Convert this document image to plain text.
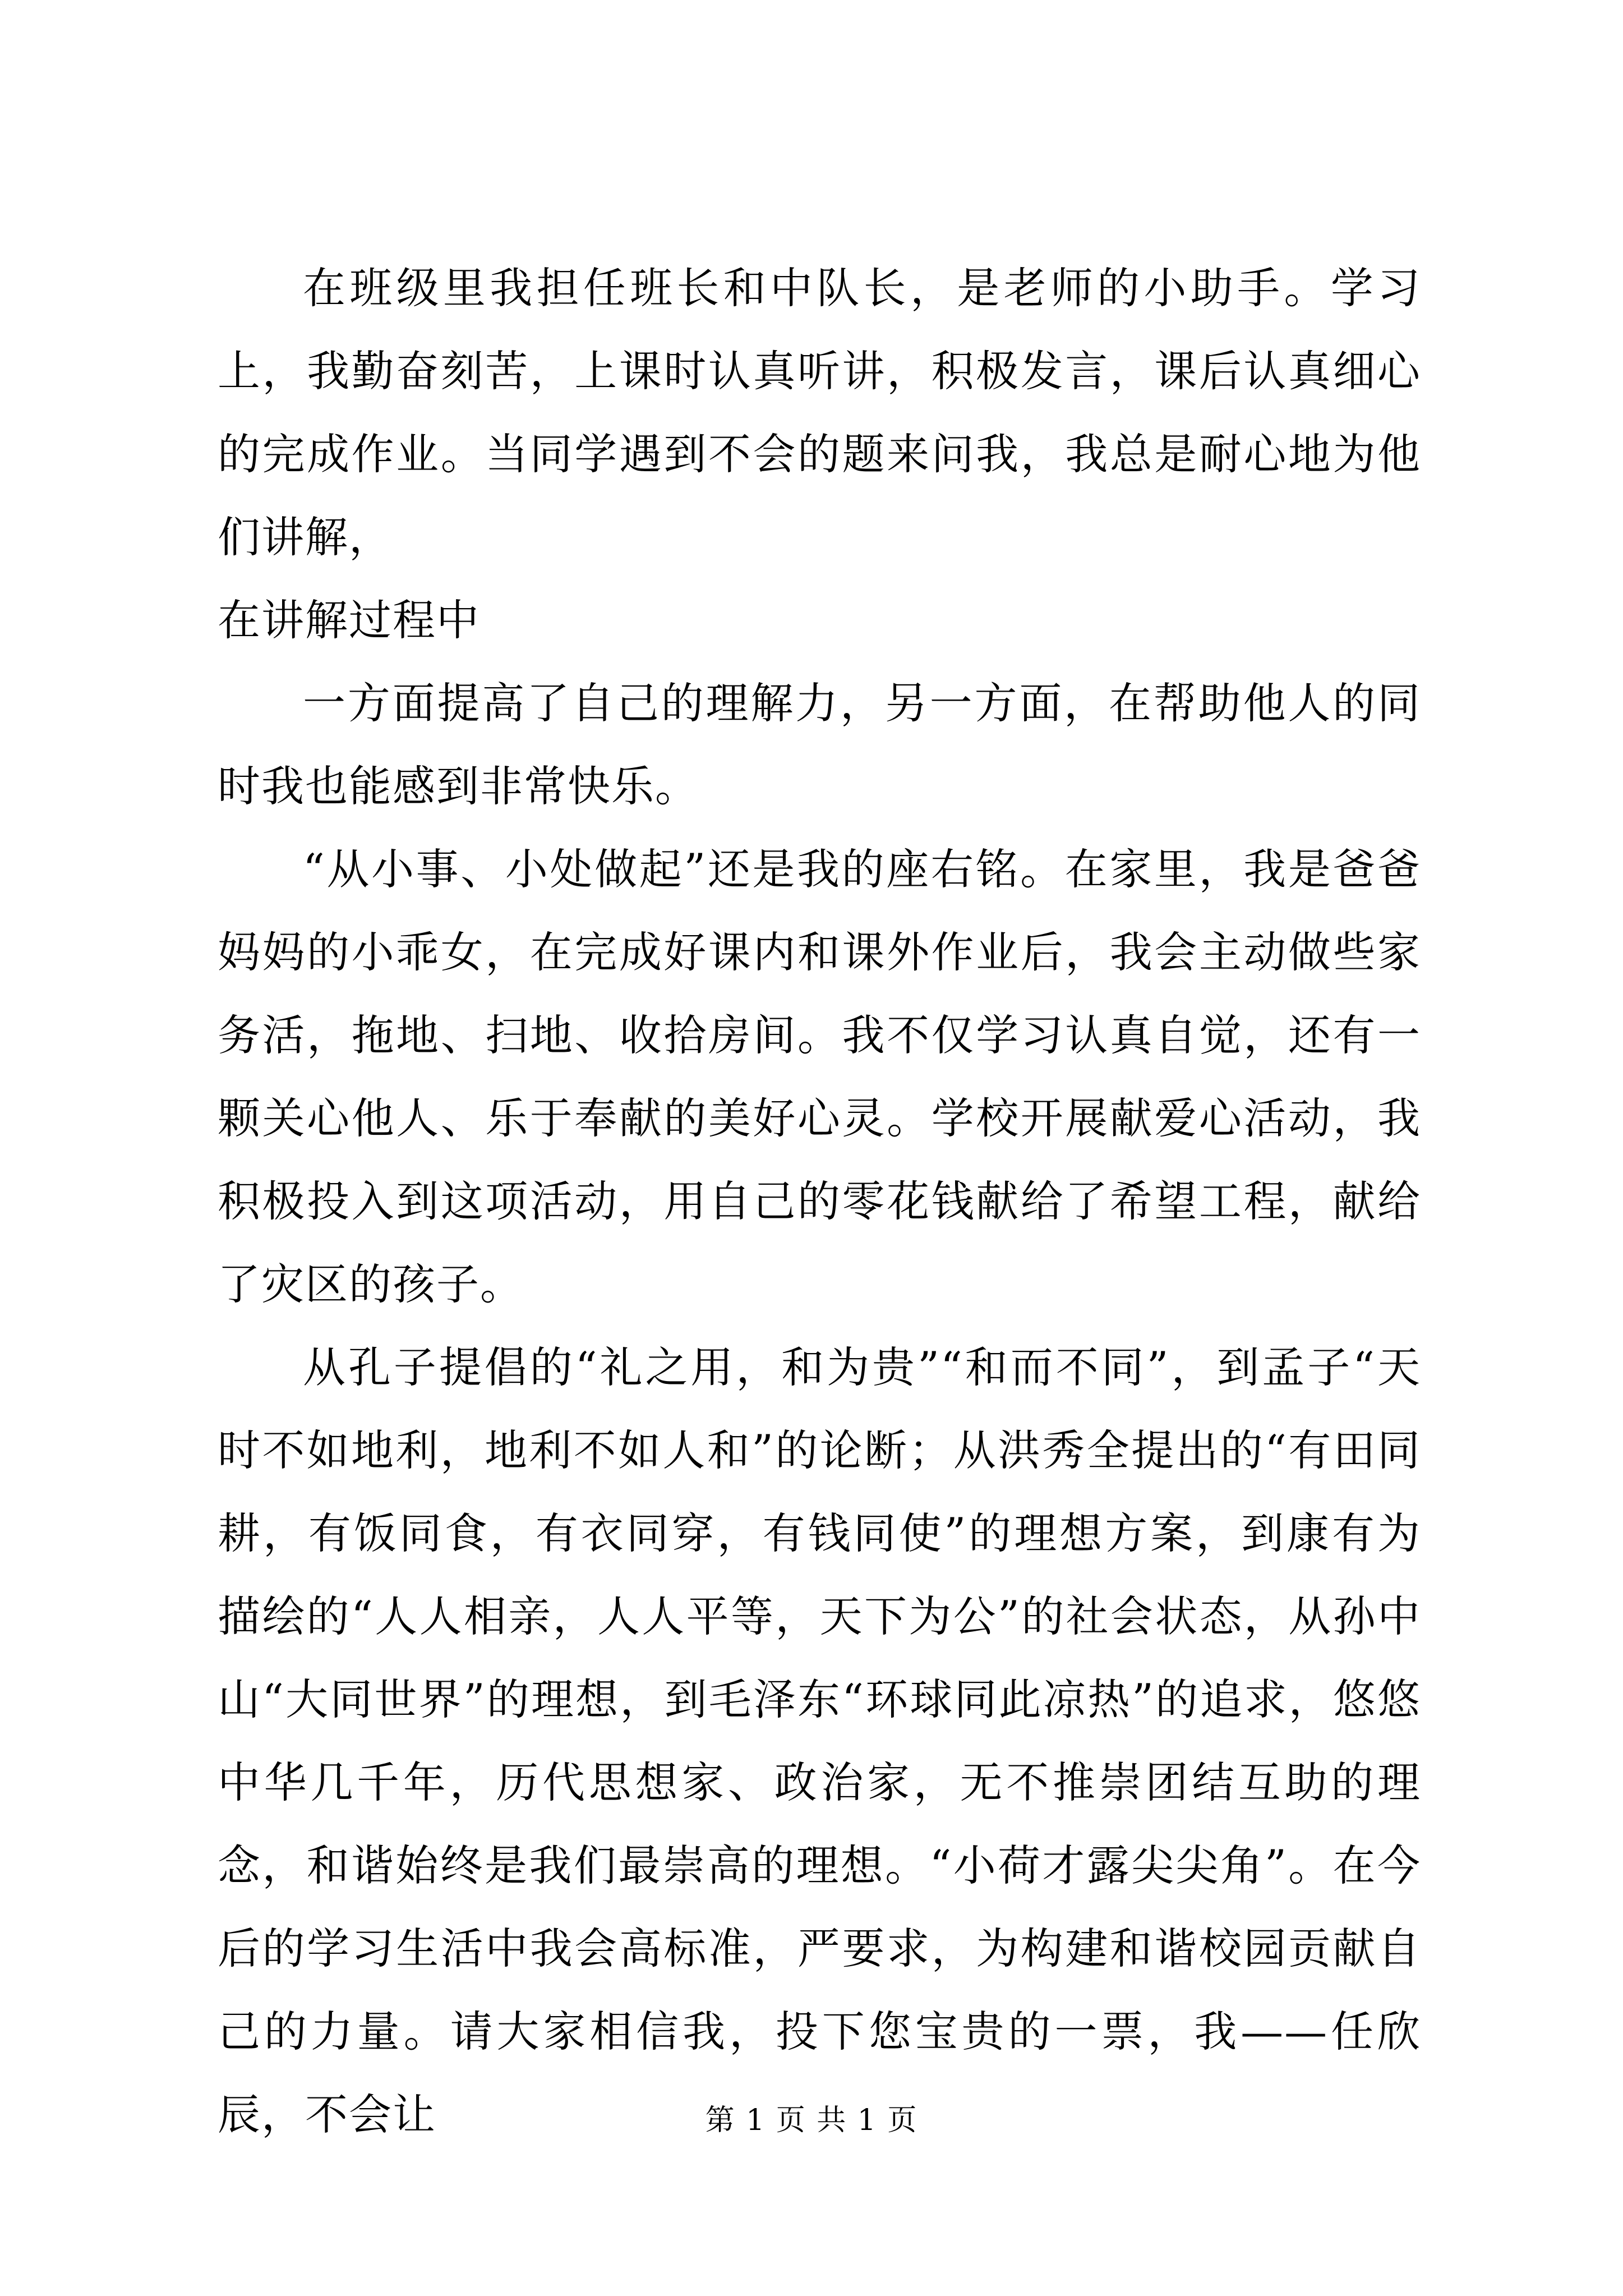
在班级里我担任班长和中队长，是老师的小助手。学习上，我勤奋刻苦，上课时认真听讲，积极发言，课后认真细心的完成作业。当同学遇到不会的题来问我，我总是耐心地为他们讲解，

在讲解过程中

一方面提高了自己的理解力，另一方面，在帮助他人的同时我也能感到非常快乐。

“从小事、小处做起”还是我的座右铭。在家里，我是爸爸妈妈的小乖女，在完成好课内和课外作业后，我会主动做些家务活，拖地、扫地、收拾房间。我不仅学习认真自觉，还有一颗关心他人、乐于奉献的美好心灵。学校开展献爱心活动，我积极投入到这项活动，用自己的零花钱献给了希望工程，献给了灾区的孩子。

从孔子提倡的“礼之用，和为贵”“和而不同”，到孟子“天时不如地利，地利不如人和”的论断；从洪秀全提出的“有田同耕，有饭同食，有衣同穿，有钱同使”的理想方案，到康有为描绘的“人人相亲，人人平等，天下为公”的社会状态，从孙中山“大同世界”的理想，到毛泽东“环球同此凉热”的追求，悠悠中华几千年，历代思想家、政治家，无不推崇团结互助的理念，和谐始终是我们最崇高的理想。“小荷才露尖尖角”。在今后的学习生活中我会高标准，严要求，为构建和谐校园贡献自己的力量。请大家相信我，投下您宝贵的一票，我——任欣辰，不会让	第 1 页 共 1 页
